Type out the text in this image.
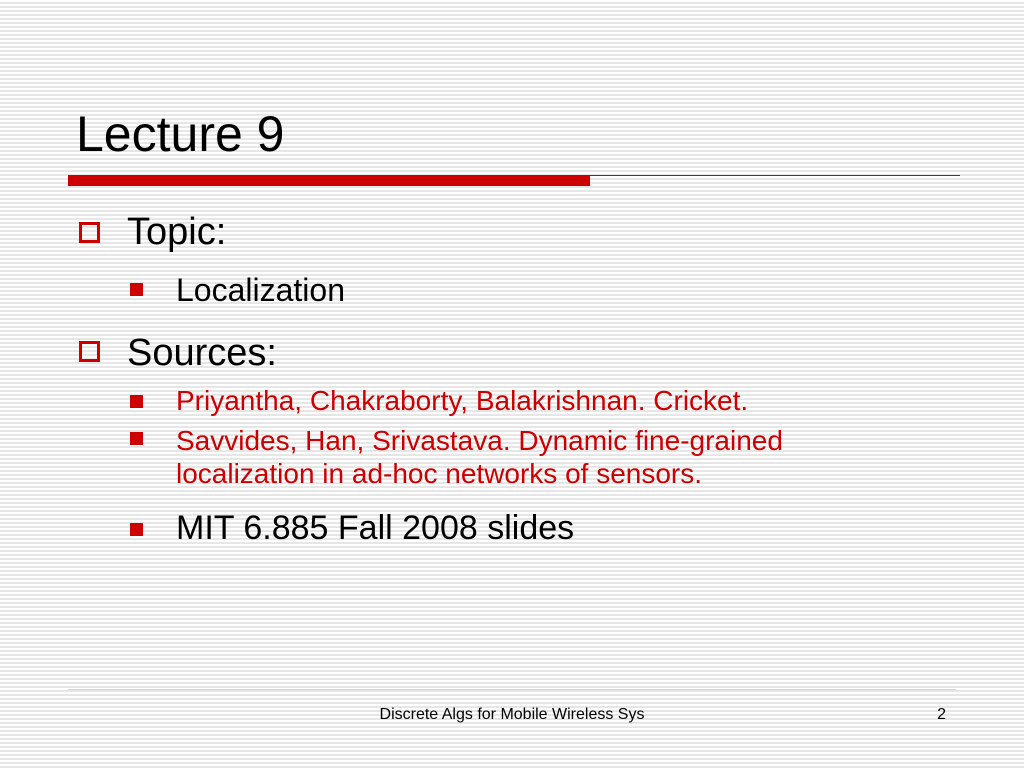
Lecture 9
Topic:
Localization
Sources:
Priyantha, Chakraborty, Balakrishnan. Cricket.
Savvides, Han, Srivastava. Dynamic fine-grained
localization in ad-hoc networks of sensors.
MIT 6.885 Fall 2008 slides
Discrete Algs for Mobile Wireless Sys	2
